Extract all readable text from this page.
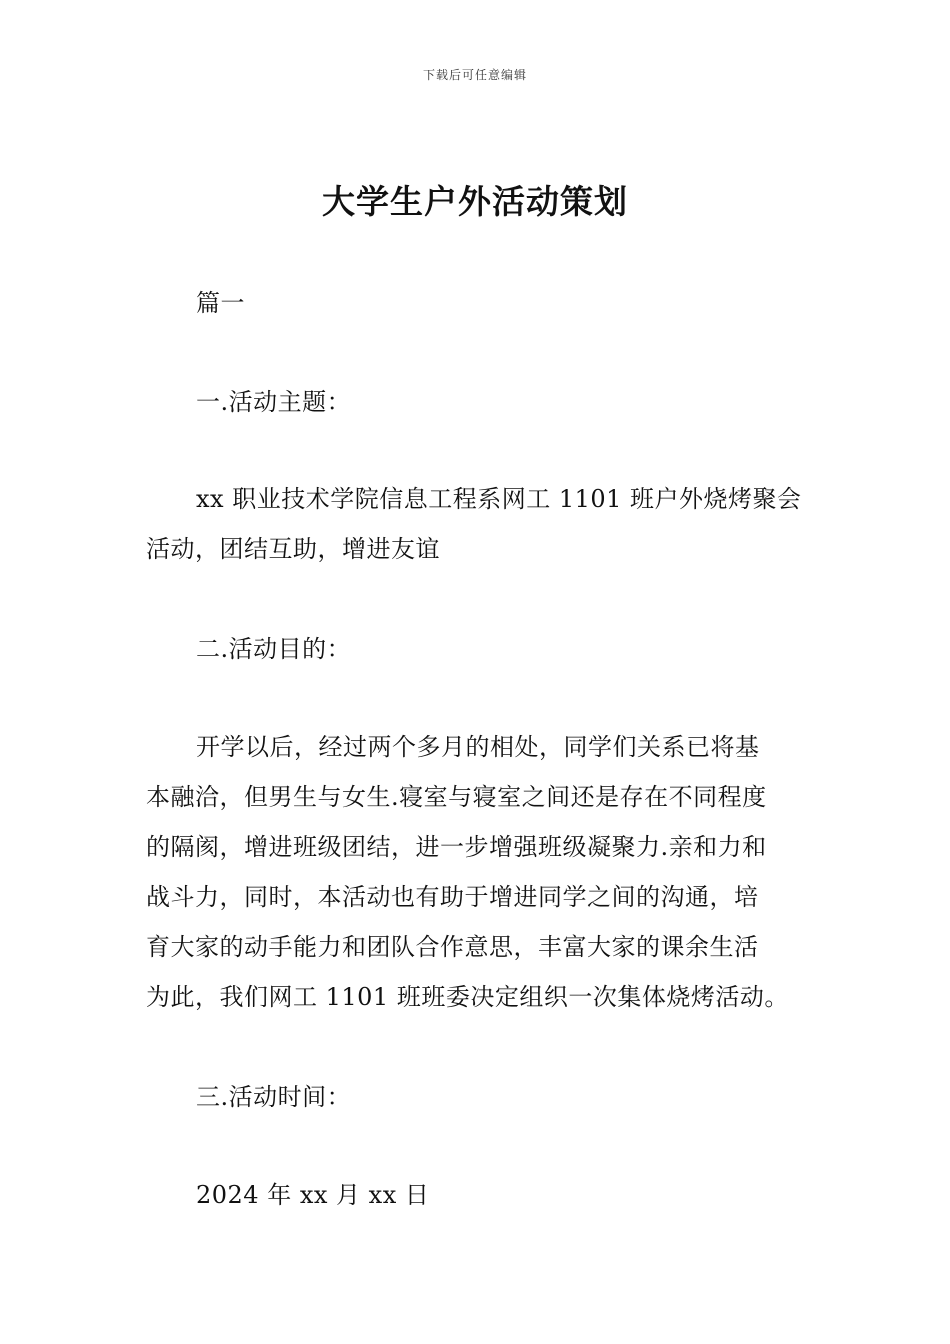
下载后可任意编辑
大学生户外活动策划
篇一
一.活动主题：
xx 职业技术学院信息工程系网工 1101 班户外烧烤聚会
活动，团结互助，增进友谊
二.活动目的：
开学以后，经过两个多月的相处，同学们关系已将基
本融洽，但男生与女生.寝室与寝室之间还是存在不同程度
的隔阂，增进班级团结，进一步增强班级凝聚力.亲和力和
战斗力，同时，本活动也有助于增进同学之间的沟通，培
育大家的动手能力和团队合作意思，丰富大家的课余生活
为此，我们网工 1101 班班委决定组织一次集体烧烤活动。
三.活动时间：
2024 年 xx 月 xx 日
